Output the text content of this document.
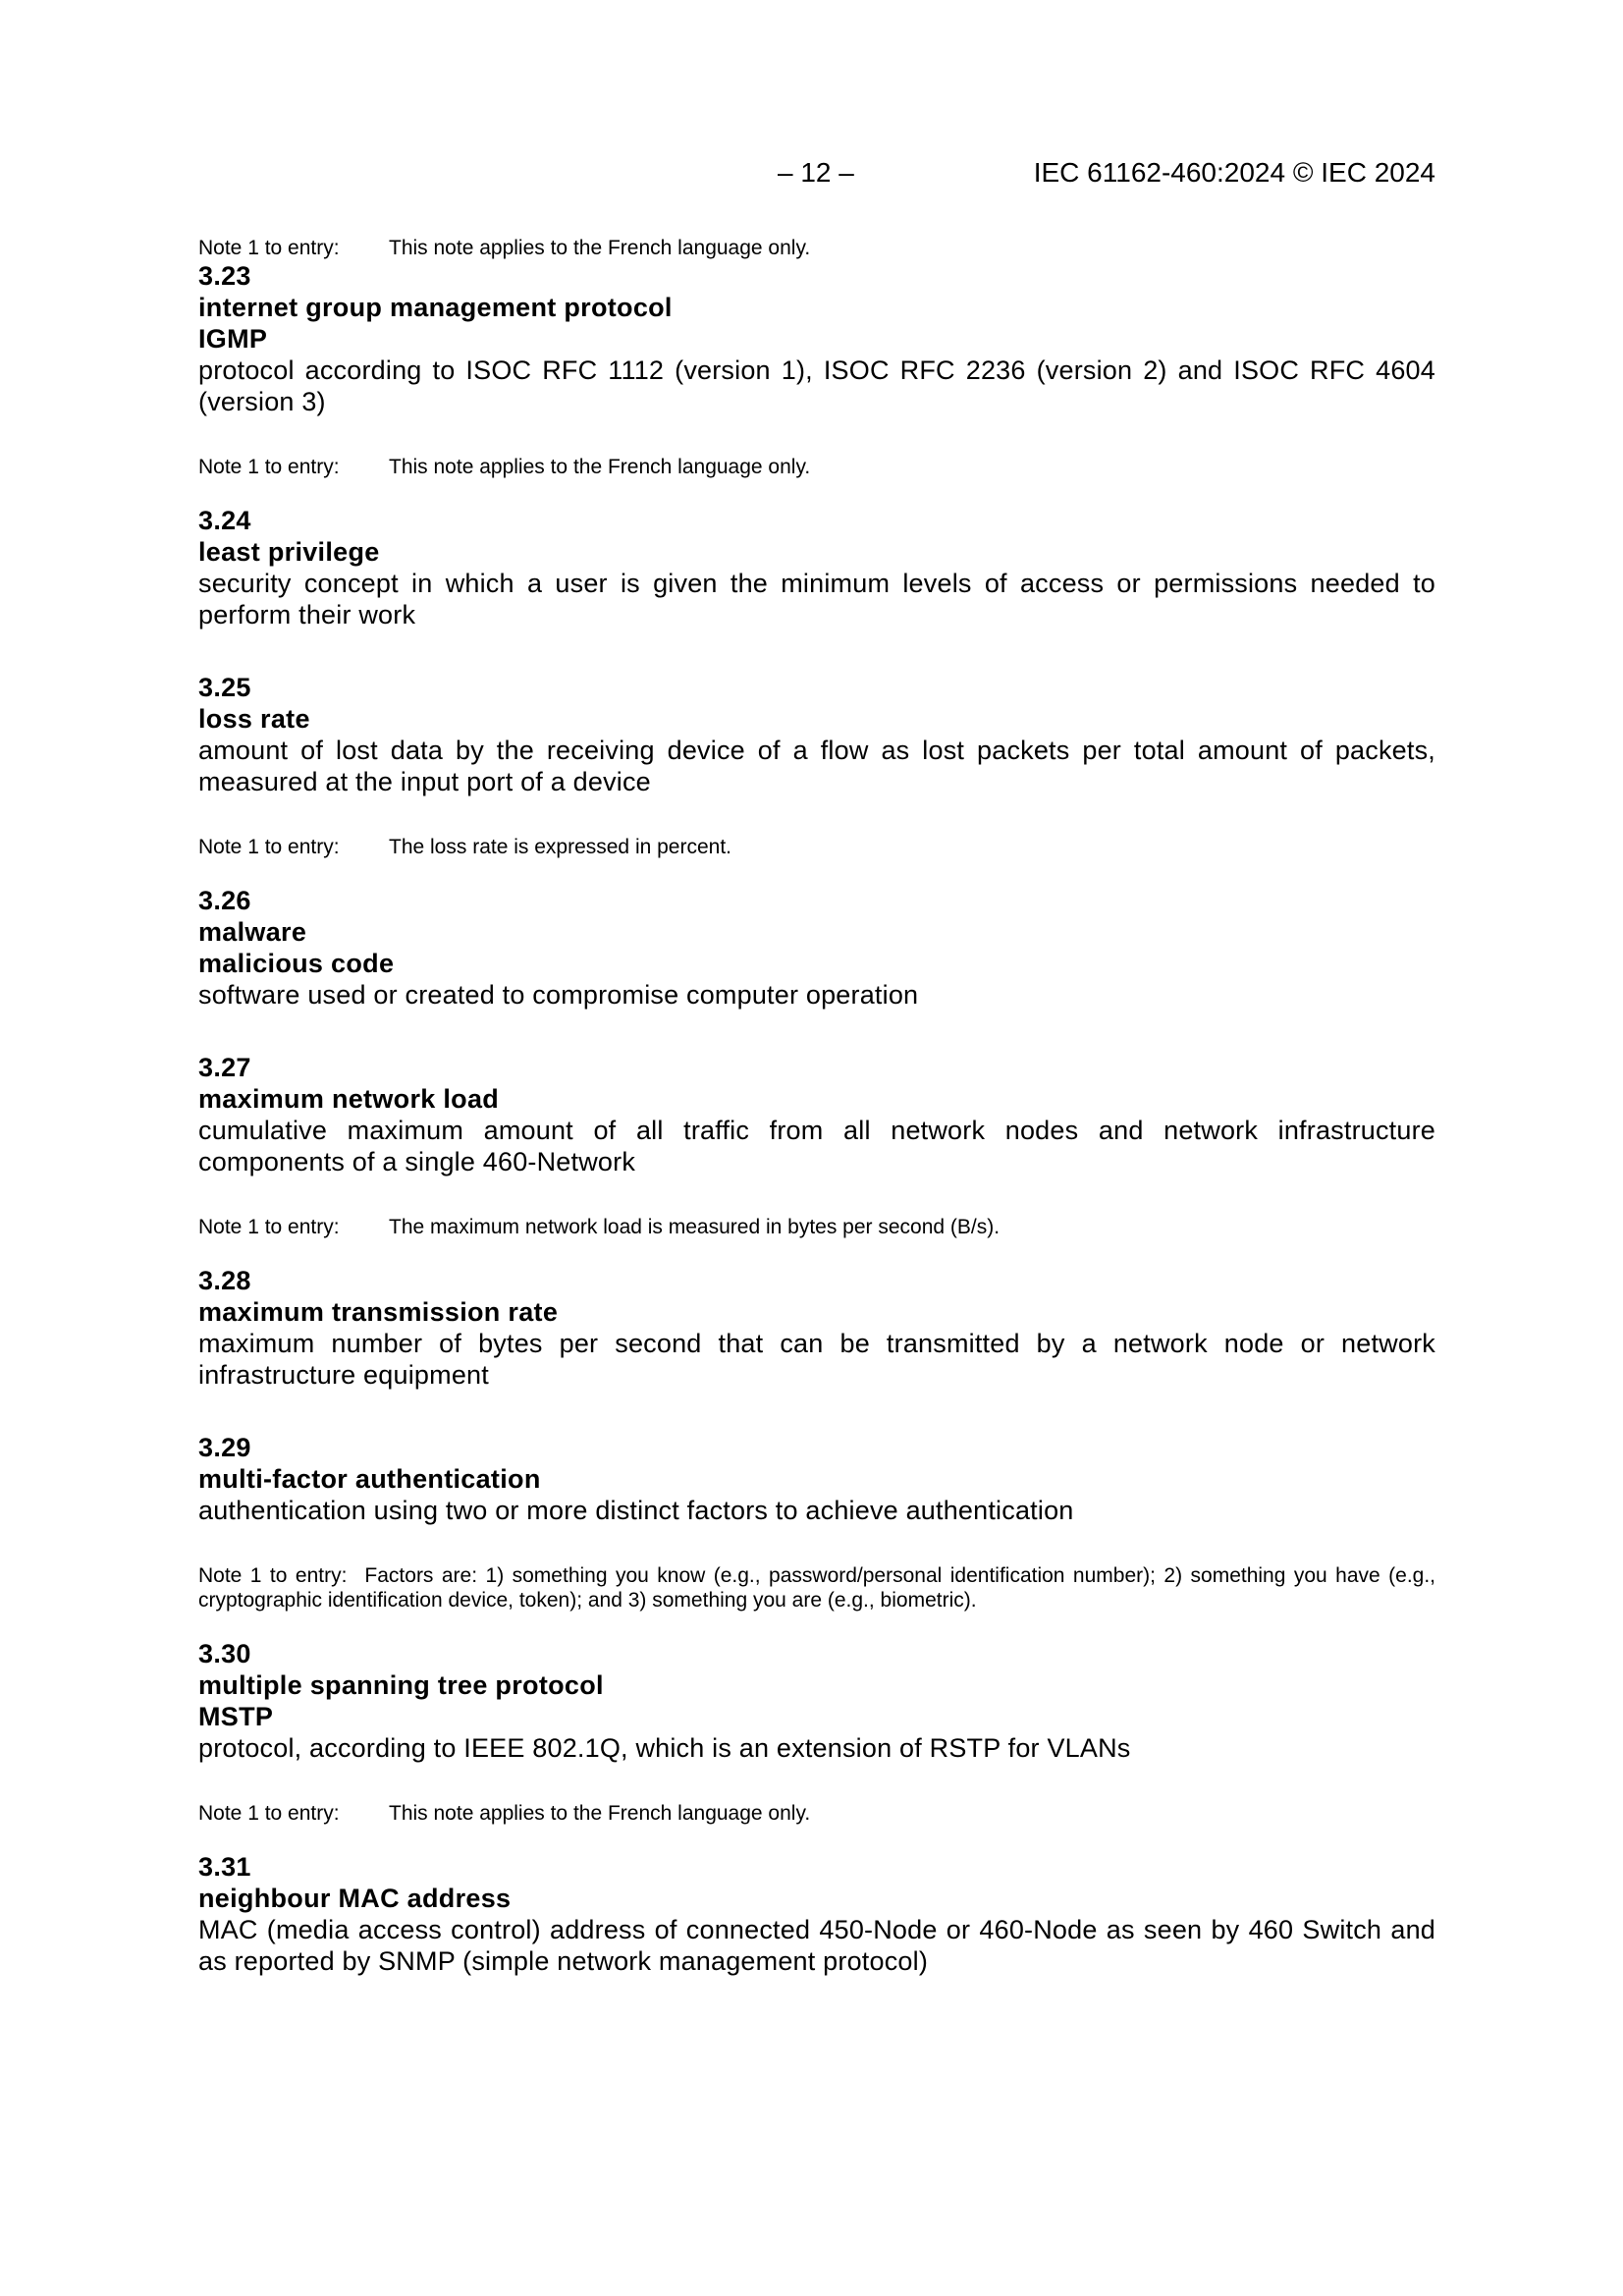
– 12 –	IEC 61162-460:2024 © IEC 2024
Note 1 to entry:	This note applies to the French language only.
3.23
internet group management protocol
IGMP
protocol according to ISOC RFC 1112 (version 1), ISOC RFC 2236 (version 2) and ISOC RFC 4604 (version 3)
Note 1 to entry:	This note applies to the French language only.
3.24
least privilege
security concept in which a user is given the minimum levels of access or permissions needed to perform their work
3.25
loss rate
amount of lost data by the receiving device of a flow as lost packets per total amount of packets, measured at the input port of a device
Note 1 to entry:	The loss rate is expressed in percent.
3.26
malware
malicious code
software used or created to compromise computer operation
3.27
maximum network load
cumulative maximum amount of all traffic from all network nodes and network infrastructure components of a single 460-Network
Note 1 to entry:	The maximum network load is measured in bytes per second (B/s).
3.28
maximum transmission rate
maximum number of bytes per second that can be transmitted by a network node or network infrastructure equipment
3.29
multi-factor authentication
authentication using two or more distinct factors to achieve authentication
Note 1 to entry: Factors are: 1) something you know (e.g., password/personal identification number); 2) something you have (e.g., cryptographic identification device, token); and 3) something you are (e.g., biometric).
3.30
multiple spanning tree protocol
MSTP
protocol, according to IEEE 802.1Q, which is an extension of RSTP for VLANs
Note 1 to entry:	This note applies to the French language only.
3.31
neighbour MAC address
MAC (media access control) address of connected 450-Node or 460-Node as seen by 460 Switch and as reported by SNMP (simple network management protocol)
